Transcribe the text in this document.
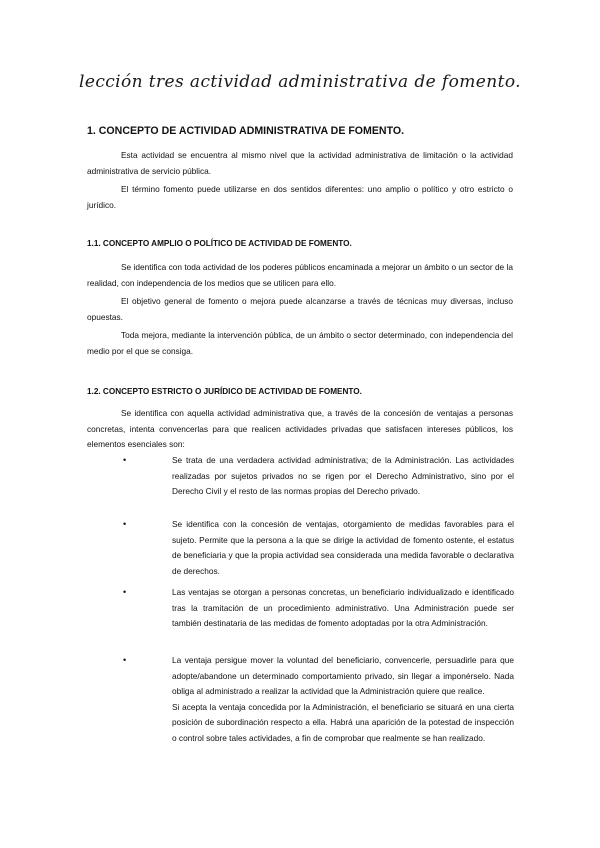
lección tres actividad administrativa de fomento.
1. CONCEPTO DE ACTIVIDAD ADMINISTRATIVA DE FOMENTO.

Esta actividad se encuentra al mismo nivel que la actividad administrativa de limitación o la actividad administrativa de servicio pública.

El término fomento puede utilizarse en dos sentidos diferentes: uno amplio o político y otro estricto o jurídico.

1.1. CONCEPTO AMPLIO O POLÍTICO DE ACTIVIDAD DE FOMENTO.

Se identifica con toda actividad de los poderes públicos encaminada a mejorar un ámbito o un sector de la realidad, con independencia de los medios que se utilicen para ello.

El objetivo general de fomento o mejora puede alcanzarse a través de técnicas muy diversas, incluso opuestas.

Toda mejora, mediante la intervención pública, de un ámbito o sector determinado, con independencia del medio por el que se consiga.

1.2. CONCEPTO ESTRICTO O JURÍDICO DE ACTIVIDAD DE FOMENTO.

Se identifica con aquella actividad administrativa que, a través de la concesión de ventajas a personas concretas, intenta convencerlas para que realicen actividades privadas que satisfacen intereses públicos, los elementos esenciales son:

•	Se trata de una verdadera actividad administrativa; de la Administración. Las actividades realizadas por sujetos privados no se rigen por el Derecho Administrativo, sino por el Derecho Civil y el resto de las normas propias del Derecho privado.
•	Se identifica con la concesión de ventajas, otorgamiento de medidas favorables para el sujeto. Permite que la persona a la que se dirige la actividad de fomento ostente, el estatus de beneficiaria y que la propia actividad sea considerada una medida favorable o declarativa de derechos.
•	Las ventajas se otorgan a personas concretas, un beneficiario individualizado e identificado tras la tramitación de un procedimiento administrativo. Una Administración puede ser también destinataria de las medidas de fomento adoptadas por la otra Administración.
•	La ventaja persigue mover la voluntad del beneficiario, convencerle, persuadirle para que adopte/abandone un determinado comportamiento privado, sin llegar a imponérselo. Nada obliga al administrado a realizar la actividad que la Administración quiere que realice.
Si acepta la ventaja concedida por la Administración, el beneficiario se situará en una cierta posición de subordinación respecto a ella. Habrá una aparición de la potestad de inspección o control sobre tales actividades, a fin de comprobar que realmente se han realizado.
